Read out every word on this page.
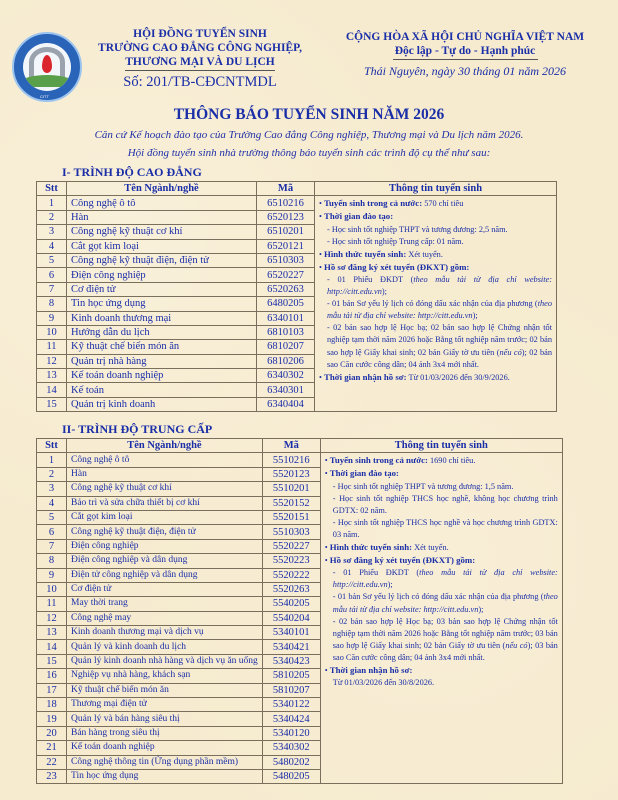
CITT
HỘI ĐỒNG TUYỂN SINH
TRƯỜNG CAO ĐẲNG CÔNG NGHIỆP,
THƯƠNG MẠI VÀ DU LỊCH
Số: 201/TB-CĐCNTMDL
CỘNG HÒA XÃ HỘI CHỦ NGHĨA VIỆT NAM
Độc lập - Tự do - Hạnh phúc
Thái Nguyên, ngày 30 tháng 01 năm 2026
THÔNG BÁO TUYỂN SINH NĂM 2026
Căn cứ Kế hoạch đào tạo của Trường Cao đẳng Công nghiệp, Thương mại và Du lịch năm 2026.
Hội đồng tuyển sinh nhà trường thông báo tuyển sinh các trình độ cụ thể như sau:
I- TRÌNH ĐỘ CAO ĐẲNG
Stt	Tên Ngành/nghề	Mã	Thông tin tuyển sinh
1	Công nghệ ô tô	6510216	
•Tuyển sinh trong cả nước: 570 chỉ tiêu
• Thời gian đào tạo:
- Học sinh tốt nghiệp THPT và tương đương: 2,5 năm.
- Học sinh tốt nghiệp Trung cấp: 01 năm.
• Hình thức tuyển sinh: Xét tuyển.
• Hồ sơ đăng ký xét tuyển (ĐKXT) gồm:
- 01 Phiếu ĐKDT (theo mẫu tải từ địa chỉ website: http://citt.edu.vn);
- 01 bản Sơ yếu lý lịch có đóng dấu xác nhận của địa phương (theo mẫu tải từ địa chỉ website: http://citt.edu.vn);
- 02 bản sao hợp lệ Học bạ; 02 bản sao hợp lệ Chứng nhận tốt nghiệp tạm thời năm 2026 hoặc Bằng tốt nghiệp năm trước; 02 bản sao hợp lệ Giấy khai sinh; 02 bản Giấy tờ ưu tiên (nếu có); 02 bản sao Căn cước công dân; 04 ảnh 3x4 mới nhất.
• Thời gian nhận hồ sơ: Từ 01/03/2026 đến 30/9/2026.

2	Hàn	6520123	
3	Công nghệ kỹ thuật cơ khí	6510201	
4	Cắt gọt kim loại	6520121	
5	Công nghệ kỹ thuật điện, điện tử	6510303	
6	Điện công nghiệp	6520227	
7	Cơ điện tử	6520263	
8	Tin học ứng dụng	6480205	
9	Kinh doanh thương mại	6340101	
10	Hướng dẫn du lịch	6810103	
11	Kỹ thuật chế biến món ăn	6810207	
12	Quản trị nhà hàng	6810206	
13	Kế toán doanh nghiệp	6340302	
14	Kế toán	6340301	
15	Quản trị kinh doanh	6340404	
II- TRÌNH ĐỘ TRUNG CẤP
Stt	Tên Ngành/nghề	Mã	Thông tin tuyển sinh
1	Công nghệ ô tô	5510216	
•Tuyển sinh trong cả nước: 1690 chỉ tiêu.
• Thời gian đào tạo:
- Học sinh tốt nghiệp THPT và tương đương: 1,5 năm.
- Học sinh tốt nghiệp THCS học nghề, không học chương trình GDTX: 02 năm.
- Học sinh tốt nghiệp THCS học nghề và học chương trình GDTX: 03 năm.
• Hình thức tuyển sinh: Xét tuyển.
• Hồ sơ đăng ký xét tuyển (ĐKXT) gồm:
- 01 Phiếu ĐKDT (theo mẫu tải từ địa chỉ website: http://citt.edu.vn);
- 01 bản Sơ yếu lý lịch có đóng dấu xác nhận của địa phương (theo mẫu tải từ địa chỉ website: http://citt.edu.vn);
- 02 bản sao hợp lệ Học bạ; 03 bản sao hợp lệ Chứng nhận tốt nghiệp tạm thời năm 2026 hoặc Bằng tốt nghiệp năm trước; 03 bản sao hợp lệ Giấy khai sinh; 02 bản Giấy tờ ưu tiên (nếu có); 03 bản sao Căn cước công dân; 04 ảnh 3x4 mới nhất.
• Thời gian nhận hồ sơ:
Từ 01/03/2026 đến 30/8/2026.

2	Hàn	5520123	
3	Công nghệ kỹ thuật cơ khí	5510201	
4	Bảo trì và sửa chữa thiết bị cơ khí	5520152	
5	Cắt gọt kim loại	5520151	
6	Công nghệ kỹ thuật điện, điện tử	5510303	
7	Điện công nghiệp	5520227	
8	Điện công nghiệp và dân dụng	5520223	
9	Điện tử công nghiệp và dân dụng	5520222	
10	Cơ điện tử	5520263	
11	May thời trang	5540205	
12	Công nghệ may	5540204	
13	Kinh doanh thương mại và dịch vụ	5340101	
14	Quản lý và kinh doanh du lịch	5340421	
15	Quản lý kinh doanh nhà hàng và dịch vụ ăn uống	5340423	
16	Nghiệp vụ nhà hàng, khách sạn	5810205	
17	Kỹ thuật chế biến món ăn	5810207	
18	Thương mại điện tử	5340122	
19	Quản lý và bán hàng siêu thị	5340424	
20	Bán hàng trong siêu thị	5340120	
21	Kế toán doanh nghiệp	5340302	
22	Công nghệ thông tin (Ứng dụng phần mềm)	5480202	
23	Tin học ứng dụng	5480205	
